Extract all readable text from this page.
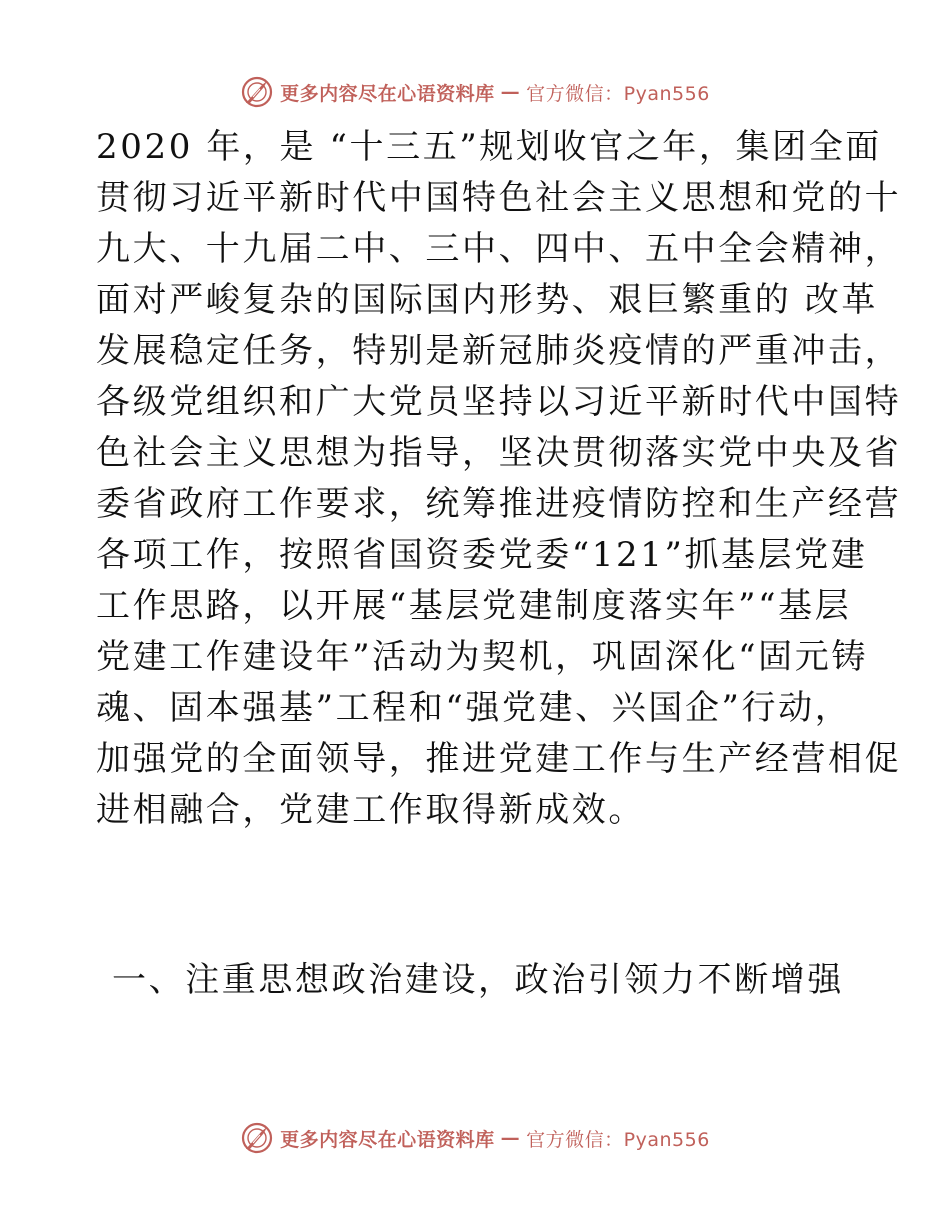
更多内容尽在心语资料库 — 官方微信：Pyan556
2020 年，是 “十三五”规划收官之年，集团全面
贯彻习近平新时代中国特色社会主义思想和党的十
九大、十九届二中、三中、四中、五中全会精神，
面对严峻复杂的国际国内形势、艰巨繁重的 改革
发展稳定任务，特别是新冠肺炎疫情的严重冲击，
各级党组织和广大党员坚持以习近平新时代中国特
色社会主义思想为指导，坚决贯彻落实党中央及省
委省政府工作要求，统筹推进疫情防控和生产经营
各项工作，按照省国资委党委“121”抓基层党建
工作思路，以开展“基层党建制度落实年”“基层
党建工作建设年”活动为契机，巩固深化“固元铸
魂、固本强基”工程和“强党建、兴国企”行动，
加强党的全面领导，推进党建工作与生产经营相促
进相融合，党建工作取得新成效。
一、注重思想政治建设，政治引领力不断增强
更多内容尽在心语资料库 — 官方微信：Pyan556
